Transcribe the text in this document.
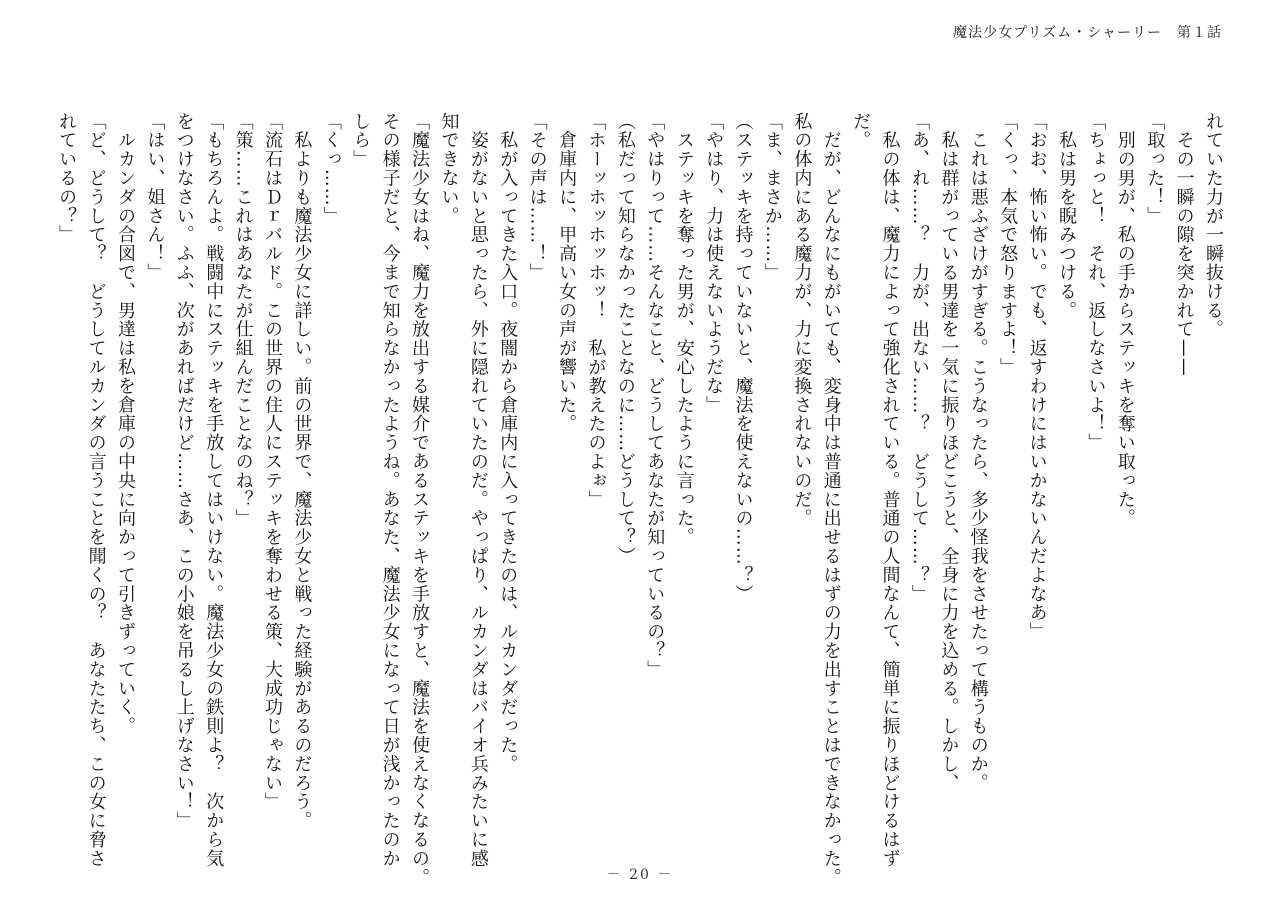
魔法少女プリズム・シャーリー　第１話

れていた力が一瞬抜ける。

　その一瞬の隙を突かれて——

「取った！」

　別の男が、私の手からステッキを奪い取った。

「ちょっと！　それ、返しなさいよ！」

　私は男を睨みつける。

「おお、怖い怖い。でも、返すわけにはいかないんだよなあ」

「くっ、本気で怒りますよ！」

　これは悪ふざけがすぎる。こうなったら、多少怪我をさせたって構うものか。

　私は群がっている男達を一気に振りほどこうと、全身に力を込める。しかし、

「あ、れ……？　力が、出ない……？　どうして……？」

　私の体は、魔力によって強化されている。普通の人間なんて、簡単に振りほどけるはず

だ。

　だが、どんなにもがいても、変身中は普通に出せるはずの力を出すことはできなかった。

私の体内にある魔力が、力に変換されないのだ。

「ま、まさか……」

（ステッキを持っていないと、魔法を使えないの……？）

「やはり、力は使えないようだな」

　ステッキを奪った男が、安心したように言った。

「やはりって……そんなこと、どうしてあなたが知っているの？」

（私だって知らなかったことなのに……どうして？）

「ホーッホッホッホッ！　私が教えたのよぉ」

　倉庫内に、甲高い女の声が響いた。

「その声は……！」

　私が入ってきた入口。夜闇から倉庫内に入ってきたのは、ルカンダだった。

　姿がないと思ったら、外に隠れていたのだ。やっぱり、ルカンダはバイオ兵みたいに感

知できない。

「魔法少女はね、魔力を放出する媒介であるステッキを手放すと、魔法を使えなくなるの。

その様子だと、今まで知らなかったようね。あなた、魔法少女になって日が浅かったのか

しら」

「くっ……」

　私よりも魔法少女に詳しい。前の世界で、魔法少女と戦った経験があるのだろう。

「流石はＤｒバルド。この世界の住人にステッキを奪わせる策、大成功じゃない」

「策……これはあなたが仕組んだことなのね？」

「もちろんよ。戦闘中にステッキを手放してはいけない。魔法少女の鉄則よ？　次から気

をつけなさい。ふふ、次があればだけど……さあ、この小娘を吊るし上げなさい！」

「はい、姐さん！」

　ルカンダの合図で、男達は私を倉庫の中央に向かって引きずっていく。

「ど、どうして？　どうしてルカンダの言うことを聞くの？　あなたたち、この女に脅さ

れているの？」

－ 20 －
